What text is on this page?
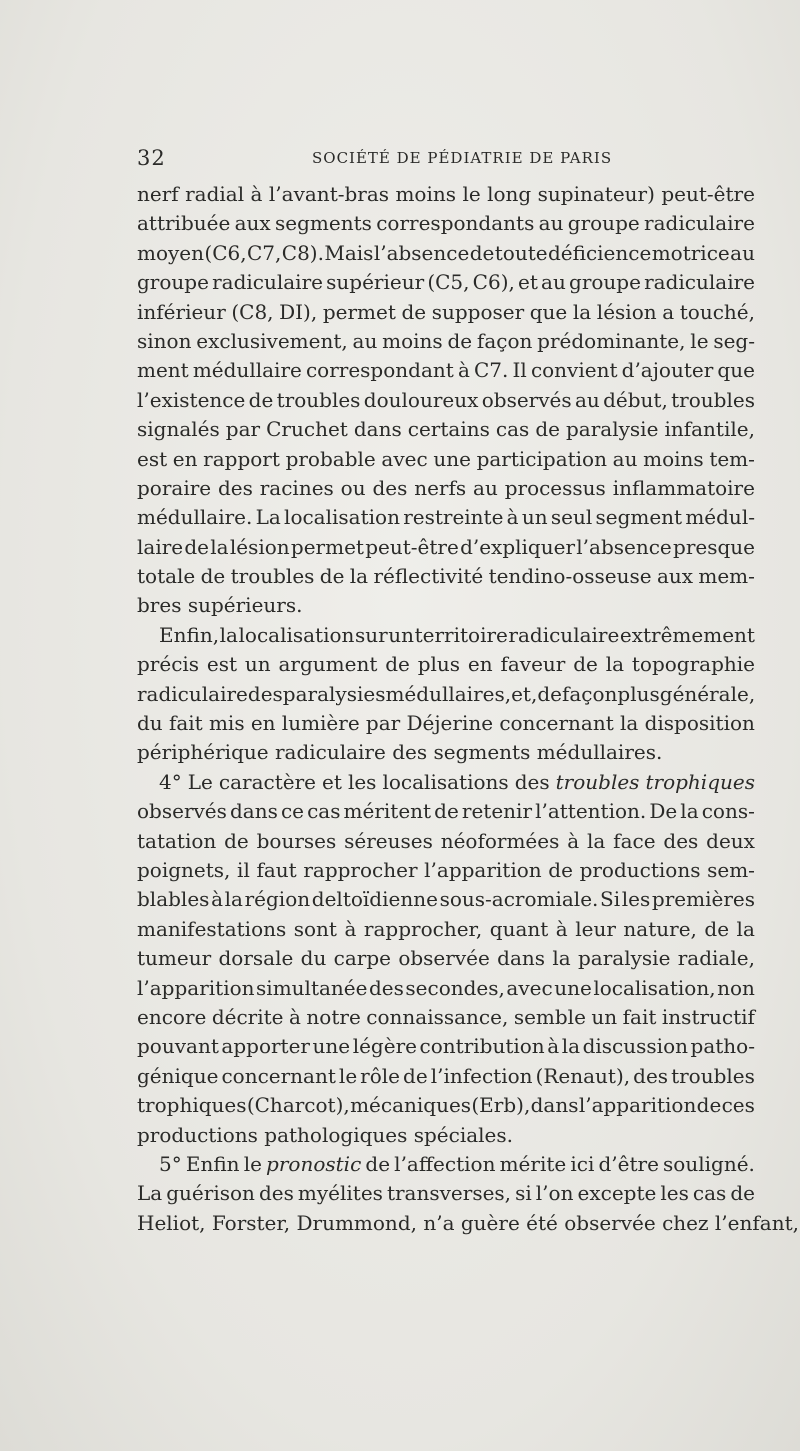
32	SOCIÉTÉ DE PÉDIATRIE DE PARIS
nerf radial à l’avant-bras moins le long supinateur) peut-être
attribuée aux segments correspondants au groupe radiculaire
moyen (C6, C7, C8). Mais l’absence de toute déficience motrice au
groupe radiculaire supérieur (C5, C6), et au groupe radiculaire
inférieur (C8, DI), permet de supposer que la lésion a touché,
sinon exclusivement, au moins de façon prédominante, le seg-
ment médullaire correspondant à C7. Il convient d’ajouter que
l’existence de troubles douloureux observés au début, troubles
signalés par Cruchet dans certains cas de paralysie infantile,
est en rapport probable avec une participation au moins tem-
poraire des racines ou des nerfs au processus inflammatoire
médullaire. La localisation restreinte à un seul segment médul-
laire de la lésion permet peut-être d’expliquer l’absence presque
totale de troubles de la réflectivité tendino-osseuse aux mem-
bres supérieurs.
Enfin, la localisation sur un territoire radiculaire extrêmement
précis est un argument de plus en faveur de la topographie
radiculaire des paralysies médullaires, et, de façon plus générale,
du fait mis en lumière par Déjerine concernant la disposition
périphérique radiculaire des segments médullaires.
4° Le caractère et les localisations des troubles trophiques
observés dans ce cas méritent de retenir l’attention. De la cons-
tatation de bourses séreuses néoformées à la face des deux
poignets, il faut rapprocher l’apparition de productions sem-
blables à la région deltoïdienne sous-acromiale. Si les premières
manifestations sont à rapprocher, quant à leur nature, de la
tumeur dorsale du carpe observée dans la paralysie radiale,
l’apparition simultanée des secondes, avec une localisation, non
encore décrite à notre connaissance, semble un fait instructif
pouvant apporter une légère contribution à la discussion patho-
génique concernant le rôle de l’infection (Renaut), des troubles
trophiques (Charcot), mécaniques (Erb), dans l’apparition de ces
productions pathologiques spéciales.
5° Enfin le pronostic de l’affection mérite ici d’être souligné.
La guérison des myélites transverses, si l’on excepte les cas de
Heliot, Forster, Drummond, n’a guère été observée chez l’enfant,
